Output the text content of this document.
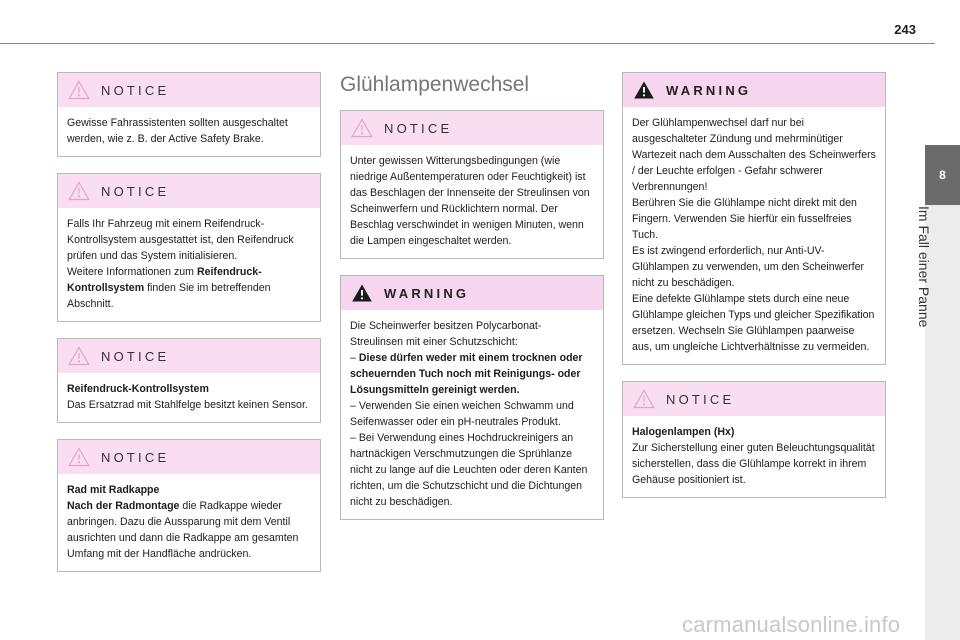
243
8
Im Fall einer Panne
NOTICE

Gewisse Fahrassistenten sollten ausgeschaltet werden, wie z. B. der Active Safety Brake.

NOTICE

Falls Ihr Fahrzeug mit einem Reifendruck-Kontrollsystem ausgestattet ist, den Reifendruck prüfen und das System initialisieren.

Weitere Informationen zum Reifendruck-Kontrollsystem finden Sie im betreffenden Abschnitt.

NOTICE

Reifendruck-Kontrollsystem

Das Ersatzrad mit Stahlfelge besitzt keinen Sensor.

NOTICE

Rad mit Radkappe

Nach der Radmontage die Radkappe wieder anbringen. Dazu die Aussparung mit dem Ventil ausrichten und dann die Radkappe am gesamten Umfang mit der Handfläche andrücken.

Glühlampenwechsel
NOTICE

Unter gewissen Witterungsbedingungen (wie niedrige Außentemperaturen oder Feuchtigkeit) ist das Beschlagen der Innenseite der Streulinsen von Scheinwerfern und Rücklichtern normal. Der Beschlag verschwindet in wenigen Minuten, wenn die Lampen eingeschaltet werden.

WARNING

Die Scheinwerfer besitzen Polycarbonat-Streulinsen mit einer Schutzschicht:

– Diese dürfen weder mit einem trocknen oder scheuernden Tuch noch mit Reinigungs- oder Lösungsmitteln gereinigt werden.

– Verwenden Sie einen weichen Schwamm und Seifenwasser oder ein pH-neutrales Produkt.

– Bei Verwendung eines Hochdruckreinigers an hartnäckigen Verschmutzungen die Sprühlanze nicht zu lange auf die Leuchten oder deren Kanten richten, um die Schutzschicht und die Dichtungen nicht zu beschädigen.

WARNING

Der Glühlampenwechsel darf nur bei ausgeschalteter Zündung und mehrminütiger Wartezeit nach dem Ausschalten des Scheinwerfers / der Leuchte erfolgen - Gefahr schwerer Verbrennungen!

Berühren Sie die Glühlampe nicht direkt mit den Fingern. Verwenden Sie hierfür ein fusselfreies Tuch.

Es ist zwingend erforderlich, nur Anti-UV-Glühlampen zu verwenden, um den Scheinwerfer nicht zu beschädigen.

Eine defekte Glühlampe stets durch eine neue Glühlampe gleichen Typs und gleicher Spezifikation ersetzen. Wechseln Sie Glühlampen paarweise aus, um ungleiche Lichtverhältnisse zu vermeiden.

NOTICE

Halogenlampen (Hx)

Zur Sicherstellung einer guten Beleuchtungsqualität sicherstellen, dass die Glühlampe korrekt in ihrem Gehäuse positioniert ist.

carmanualsonline.info
